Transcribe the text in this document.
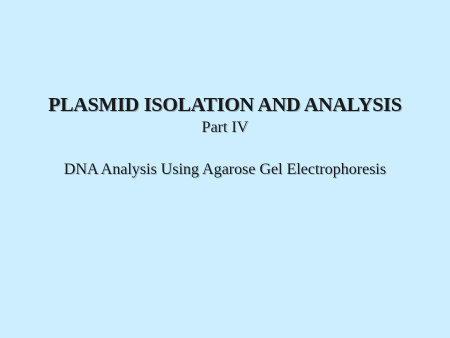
PLASMID ISOLATION AND ANALYSIS
Part IV
DNA Analysis Using Agarose Gel Electrophoresis
